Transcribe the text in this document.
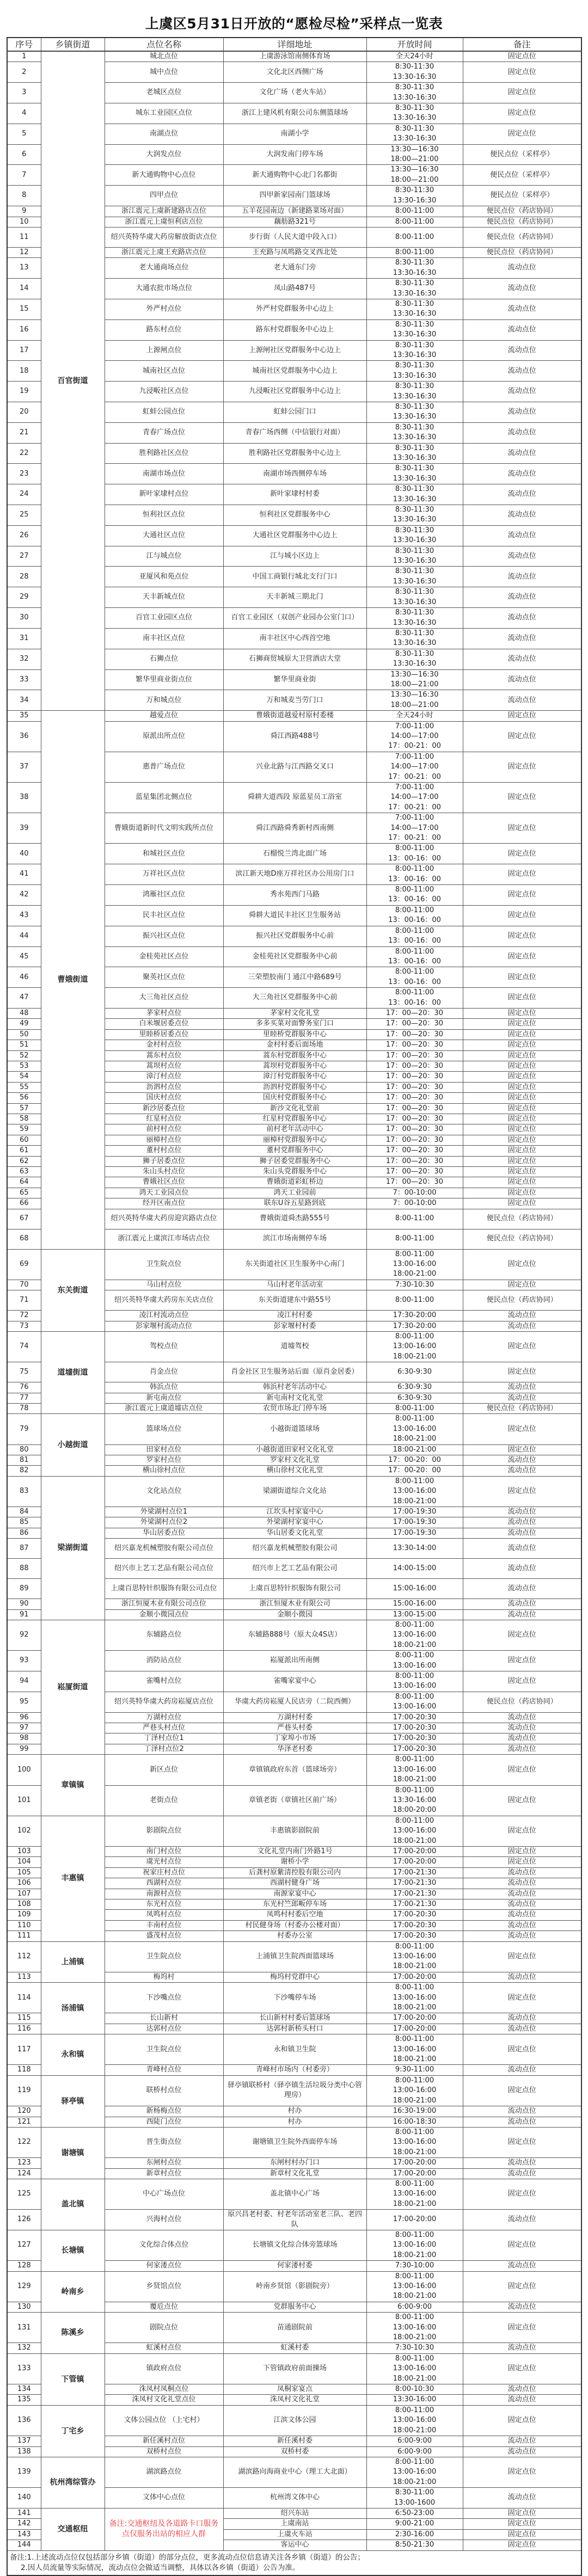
上虞区5月31日开放的“愿检尽检”采样点一览表
序号	乡镇街道	点位名称	详细地址	开放时间	备注
1	百官街道	城北点位	上虞游泳馆南侧体育场	全天24小时	固定点位
2		城中点位	文化北区西侧广场	8:30-11:30
13:30-16:30	固定点位
3		老城区点位	文化广场（老火车站）	8:30-11:30
13:30-16:30	固定点位
4		城东工业园区点位	浙江上建风机有限公司东侧篮球场	8:30-11:30
13:30-16:30	固定点位
5		南湖点位	南湖小学	8:30-11:30
13:30-16:30	固定点位
6		大润发点位	大润发南门停车场	13:30—16:30
18:00—21:00	便民点位（采样亭）
7		新大通购物中心点位	新大通购物中心北门名都街	13:30—16:30
18:00—21:00	便民点位（采样亭）
8		四甲点位	四甲新家园南门篮球场	8:30-11:30
13:30-16:30	便民点位（采样亭）
9		浙江震元上虞新建路店点位	五羊花园南边（新建路菜场对面）	8:00-11:00	便民点位（药店协同）
10		浙江震元上虞恒利店点位	藕舫路321号	8:00-11:00	便民点位（药店协同）
11		绍兴英特华虞大药房解放街店点位	步行街（人民大道中段入口）	8:00-11:00	便民点位（药店协同）
12		浙江震元上虞王充路店点位	王充路与凤鸣路交叉西北处	8:00-11:00	便民点位（药店协同）
13		老大通商场点位	老大通东门旁	8:30-11:30
13:30-16:30	流动点位
14		大通农批市场点位	凤山路487号	8:30-11:30
13:30-16:30	流动点位
15		外严村点位	外严村党群服务中心边上	8:30-11:30
13:30-16:30	流动点位
16		路东村点位	路东村党群服务中心边上	8:30-11:30
13:30-16:30	流动点位
17		上源闸点位	上源闸社区党群服务中心边上	8:30-11:30
13:30-16:30	流动点位
18		城南社区点位	城南社区党群服务中心边上	8:30-11:30
13:30-16:30	流动点位
19		九浸畈社区点位	九浸畈社区党群服务中心边上	8:30-11:30
13:30-16:30	流动点位
20		虹蚌公园点位	虹蚌公园门口	8:30-11:30
13:30-16:30	流动点位
21		青春广场点位	青春广场西侧（中信银行对面）	8:30-11:30
13:30-16:30	流动点位
22		胜利路社区点位	胜利路社区党群服务中心边上	8:30-11:30
13:30-16:30	流动点位
23		南湖市场点位	南湖市场西侧停车场	8:30-11:30
13:30-16:30	流动点位
24		新叶家埭村点位	新叶家埭村村委	8:30-11:30
13:30-16:30	流动点位
25		恒利社区点位	恒利社区党群服务中心	8:30-11:30
13:30-16:30	流动点位
26		大通社区点位	大通社区党群服务中心边上	8:30-11:30
13:30-16:30	流动点位
27		江与城点位	江与城小区边上	8:30-11:30
13:30-16:30	流动点位
28		亚厦风和苑点位	中国工商银行城北支行门口	8:30-11:30
13:30-16:30	流动点位
29		天丰新城点位	天丰新城三期北门	8:30-11:30
13:30-16:30	流动点位
30		百官工业园区点位	百官工业园区（双创产业园办公室门口）	8:30-11:30
13:30-16:30	流动点位
31		南丰社区点位	南丰社区中心西首空地	8:30-11:30
13:30-16:30	流动点位
32		石狮点位	石狮商贸城原大卫营酒店大堂	8:30-11:30
13:30-16:30	流动点位
33		繁华里商业街点位	繁华里商业街	13:30—16:30
18:00—21:00	流动点位
34		万和城点位	万和城麦当劳门口	13:30—16:30
18:00—21:00	流动点位
35	曹娥街道	越爱点位	曹娥街道越爱村原村委楼	全天24小时	固定点位
36		原派出所点位	舜江西路488号	7:00-11:00
14:00—17:00
17：00-21：00	固定点位
37		惠普广场点位	兴业北路与江西路交叉口	7:00-11:00
14:00—17:00
17：00-21：00	固定点位
38		蓝星集团北侧点位	舜耕大道西段 原蓝星员工浴室	7:00-11:00
14:00—17:00
17：00-21：00	固定点位
39		曹娥街道新时代文明实践所点位	舜江西路舜秀新村西南侧	7:00-11:00
14:00—17:00
17：00-21：00	固定点位
40		和城社区点位	石榴悦兰湾北面广场	8:00-11:00
13：00-16：00	固定点位
41		万祥社区点位	滨江新天地D座万祥社区办公用房门口	8:00-11:00
13：00-16：00	固定点位
42		鸿雁社区点位	秀水苑西门马路	8:00-11:00
13：00-16：00	固定点位
43		民丰社区点位	舜耕大道民丰社区卫生服务站	8:00-11:00
13：00-16：00	固定点位
44		振兴社区点位	振兴社区党群服务中心前	8:00-11:00
13：00-16：00	固定点位
45		金桂苑社区点位	金桂苑社区党群服务中心前	8:00-11:00
13：00-16：00	固定点位
46		聚英社区点位	三荣塑胶南门 通江中路689号	8:00-11:00
13：00-16：00	固定点位
47		大三角社区点位	大三角社区党群服务中心前	8:00-11:00
13：00-16：00	固定点位
48		茅家村点位	茅家村文化礼堂	17：00—20：30	固定点位
49		白米堰居委点位	多多买菜对面警务室门口	17：00—20：30	固定点位
50		里睦桥居委点位	里睦桥党群服务中心	17：00—20：30	固定点位
51		金村村点位	金村村委后面场地	17：00—20：30	固定点位
52		蒿东村点位	蒿东村党群服务中心	17：00—20：30	固定点位
53		蒿坝村点位	蒿坝村党群服务中心	17：00—20：30	固定点位
54		漳汀村点位	漳汀村党群服务中心	17：00—20：30	固定点位
55		沥泗村点位	沥泗村党群服务中心	17：00—20：30	固定点位
56		国庆村点位	国庆村党群服务中心	17：00—20：30	固定点位
57		新沙居委点位	新沙文化礼堂前	17：00—20：30	固定点位
58		红星村点位	红星村党群服务中心	17：00—20：30	固定点位
59		前村村点位	前村老年活动中心	17：00—20：30	固定点位
60		丽樟村点位	丽樟村党群服务中心	17：00—20：30	固定点位
61		董村村点位	董村党群服务中心	17：00—20：30	固定点位
62		狮子居委点位	狮子居委党群服务中心	17：00—20：30	固定点位
63		朱山头村点位	朱山头党群服务中心	17：00—20：30	固定点位
64		曹娥社区点位	曹娥街道彩虹桥边	17：00—20：30	固定点位
65		鸿天工业园点位	鸿天工业园前	7：00-10:00	固定点位
66		经开区南点位	联东U谷五星路到底	7：00-10:00	固定点位
67		绍兴英特华虞大药房迎宾路店点位	曹娥街道舜杰路555号	8:00-11:00	便民点位（药店协同）
68		浙江震元上虞滨江市场店点位	滨江市场南侧停车场	8:00-11:00	便民点位（药店协同）
69	东关街道	卫生院点位	东关街道社区卫生服务中心南门	8:00-11:00
13:00-16:00
18:00-21:00	固定点位
70		马山村点位	马山村老年活动室	7:30-10:30	固定点位
71		绍兴英特华虞大药房东关店点位	东关街道建东中路55号	8:00-11:00	便民点位（药店协同）
72		凌江村流动点位	凌江村村委	17:30-20:00	流动点位
73		彭家堰村流动点位	彭家堰村村委	17:30-20:00	流动点位
74	道墟街道	驾校点位	道墟驾校	8:00-11:00
13:00-16:00
18:00-21:00	固定点位
75		肖金点位	肖金社区卫生服务站后面（原肖金居委）	6:30-9:30	固定点位
76		韩浜点位	韩浜村老年活动中心	6:30-9:30	流动点位
77		新屯南点位	新屯南村文化礼堂	6:30-9:30	流动点位
78		浙江震元上虞道墟店点位	农贸市场北门停车场	8:00-11:00	便民点位（药店协同）
79	小越街道	篮球场点位	小越街道篮球场	8:00-11:00
13:00-16:00
18:00-21:00	固定点位
80		田家村点位	小越街道田家村文化礼堂	18:00-21:00	固定点位
81		罗家村点位	罗家村文化礼堂	17：00-20：00	流动点位
82		横山徐村点位	横山徐村文化礼堂	17：00-20：00	流动点位
83	梁湖街道	文化站点位	梁湖街道综合文化站	8:00-11:00
13:00-16:00
18:00-21:00	固定点位
84		外梁湖村点位1	江坎头村家宴中心	17:00-19:30	流动点位
85		外梁湖村点位2	外梁湖村家宴中心	17:00-19:30	流动点位
86		华山居委点位	华山居委文化礼堂	17:00-19:30	流动点位
87		绍兴嘉龙机械塑胶有限公司点位	绍兴嘉龙机械塑胶有限公司	13:30-14:00	流动点位
88		绍兴市上艺工艺品有限公司点位	绍兴市上艺工艺品有限公司	14:00-15:00	流动点位
89		上虞百思特针织服饰有限公司点位	上虞百思特针织服饰有限公司	15:00-16:00	流动点位
90		浙江恒厦木业有限公司点位	浙江恒厦木业有限公司	15:00-16:00	流动点位
91		金顺小微园点位	金顺小微园	13:00-15:00	流动点位
92	崧厦街道	东辅路点位	东辅路888号（原大众4S店）	8:00-11:00
13:00-16:00
18:00-21:00	固定点位
93		消防站点位	崧厦派出所南侧	8:00-11:00
13:00-16:00	固定点位
94		雀嘴村点位	雀嘴家宴中心	8:00-11:00
13:00-16:00	固定点位
95		绍兴英特华虞大药房崧厦店点位	华虞大药房崧厦人民店旁（二院西侧）	8:00-11:00
13:00-16:00	便民点位（药店协同）
96		万湖村点位	万湖村村委	17:00-20:30	流动点位
97		严巷头村点位	严巷头村委	17:00-20:30	流动点位
98		丁泽村点位1	丁家埠小市场	17:00-20:30	流动点位
99		丁泽村点位2	华泽老村委	17:00-20:30	流动点位
100	章镇镇	新区点位	章镇镇政府东首（篮球场旁）	8:00-11:00
13:00-16:00
18:00-21:00	固定点位
101		老街点位	章镇老街（章镇社区前广场）	8:00-11:00
13:30-16:00
18:00-20:00	固定点位
102	丰惠镇	影剧院点位	丰惠镇影剧院前	8:00-11:00
13:00-16:00
18:00-21:00	固定点位
103		南门村点位	文化礼堂内南门外路1号	17:00-20:00	固定点位
104		虞光村点位	谢桥小学	17:00-20:00	固定点位
105		祝家庄村点位	后龚村原紫清控股有限公司内	17:00-21:30	流动点位
106		西湖村点位	西湖村健身广场	17:00-21:30	流动点位
107		南源村点位	南源家宴中心	17:00-21:30	流动点位
108		东光村点位	东光村竺郎畈停车场	17:00-21:30	流动点位
109		凤鸣村点位	凤鸣村村委后空地	17:00-20:30	流动点位
110		丰南村点位	村民健身场（村委办公楼对面）	17:00-20:30	流动点位
111		盛茂村点位	村委办公室	17:00-20:30	流动点位
112	上浦镇	卫生院点位	上浦镇卫生院西面篮球场	8:00-11:00
13:00-16:00
18:00-21:00	固定点位
113		梅坞村	梅坞村党群中心	17:00-20:00	流动点位
114	汤浦镇	下沙嘴点位	下沙嘴停车场	8:00-11:00
13:00-16:00
18:00-21:00	固定点位
115		长山新村	长山新村村委后篮球场	17:00-20:00	流动点位
116		达郭村点位	达郭村新桥头村口	17:00-20:00	流动点位
117	永和镇	卫生院点位	永和镇卫生院	8:00-11:00
13:00-16:00
18:00-21:00	固定点位
118		青峰村点位	青峰村市场内（村委旁）	9:30-11:00	流动点位
119	驿亭镇	联桥村点位	驿亭镇联桥村（驿亭镇生活垃圾分类中心管理房）	8:00-11:00
13:00-16:00
18:00-21:00	固定点位
120		新杨梅点位	村办	16:30-19:00	流动点位
121		西陡门点位	村办	16:00-18:30	流动点位
122	谢塘镇	晋生街点位	谢塘镇卫生院外西面停车场	8:00-11:00
13:00-16:00
18:00-21:00	固定点位
123		东闸村点位	东闸村村办门口	17:00-20:00	流动点位
124		新章村点位	新章村文化礼堂	17:00-20:00	流动点位
125	盖北镇	中心广场点位	盖北镇中心广场	8:00-11:00
13:00-16:00
18:00-21:00	固定点位
126		兴海村点位	原兴昌老村委、村老年活动室老三队、老四队	17:00-20:00	流动点位
127	长塘镇	文化综合体点位	长塘镇文化综合体旁篮球场	8:00-11:00
13:00-16:00
18:00-21:00	固定点位
128		何家溇点位	何家溇村委	7:30-10:00	流动点位
129	岭南乡	乡贤馆点位	岭南乡贤馆（影剧院旁）	8:00-11:00
13:00-16:00
18:00-21:00	固定点位
130		覆卮点位	党群服务中心	6:00-9:00	流动点位
131	陈溪乡	剧院点位	苗通剧院前	8:00-11:00
13:00-16:00
18:00-21:00	固定点位
132		虹溪村点位	虹溪村委	7:30-10:30	流动点位
133	下管镇	镇政府点位	下管镇政府前面操场	8:00-11:00
13:00-16:00
18:00-21:00	固定点位
134		洙凤村凤桐点位	凤桐家宴点	8:00-10:30	流动点位
135		洙凤村文化礼堂点位	洙凤村文化礼堂	13:30-16:00	流动点位
136	丁宅乡	文体公园点位 （上宅村）	江滨文体公园	8:00-11:00
13:00-16:00
18:00-21:00	固定点位
137		新任溪村点位	新任溪村委	6:00-9:00	流动点位
138		双桥村点位	双桥村委	6:00-9:00	流动点位
139	杭州湾综管办	湖滨路点位	湖滨路向海商业中心（理工大北面）	8:00-11:00
13:00-16:00
18:00-21:00	固定点位
140		文体中心点位	杭州湾文体中心	8:30-11:00
13:00-1600	流动点位
141	交通枢纽	备注:交通枢纽及各道路卡口服务点仅服务出站的相应人群	绍兴东站	6:50-23:00	固定点位
142			上虞南站	9:00-21:00	固定点位
143			上虞火车站	2:30-16:00	固定点位
144			客运中心	8:50-21:30	固定点位
备注:1.上述流动点位仅包括部分乡镇（街道）的部分点位，更多流动点位信息请关注各乡镇（街道）的公告；
2.因人员流量等实际情况，流动点位会做适当调整，具体以各乡镇（街道）公告为准。					
